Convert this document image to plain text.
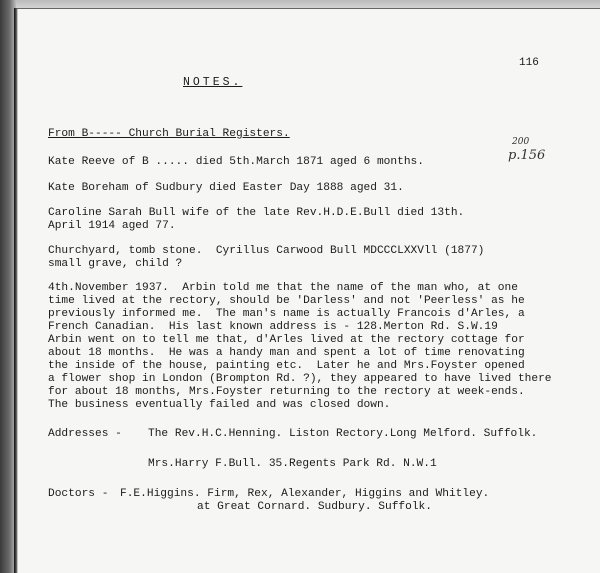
116
NOTES.
200
p.156
From B----- Church Burial Registers.
Kate Reeve of B ..... died 5th.March 1871 aged 6 months.
Kate Boreham of Sudbury died Easter Day 1888 aged 31.
Caroline Sarah Bull wife of the late Rev.H.D.E.Bull died 13th.
April 1914 aged 77.
Churchyard, tomb stone.  Cyrillus Carwood Bull MDCCCLXXVll (1877)
small grave, child ?
4th.November 1937.  Arbin told me that the name of the man who, at one
time lived at the rectory, should be 'Darless' and not 'Peerless' as he
previously informed me.  The man's name is actually Francois d'Arles, a
French Canadian.  His last known address is - 128.Merton Rd. S.W.19
Arbin went on to tell me that, d'Arles lived at the rectory cottage for
about 18 months.  He was a handy man and spent a lot of time renovating
the inside of the house, painting etc.  Later he and Mrs.Foyster opened
a flower shop in London (Brompton Rd. ?), they appeared to have lived there
for about 18 months, Mrs.Foyster returning to the rectory at week-ends.
The business eventually failed and was closed down.
Addresses - The Rev.H.C.Henning. Liston Rectory.Long Melford. Suffolk.
Mrs.Harry F.Bull. 35.Regents Park Rd. N.W.1
Doctors - F.E.Higgins. Firm, Rex, Alexander, Higgins and Whitley.
at Great Cornard. Sudbury. Suffolk.
